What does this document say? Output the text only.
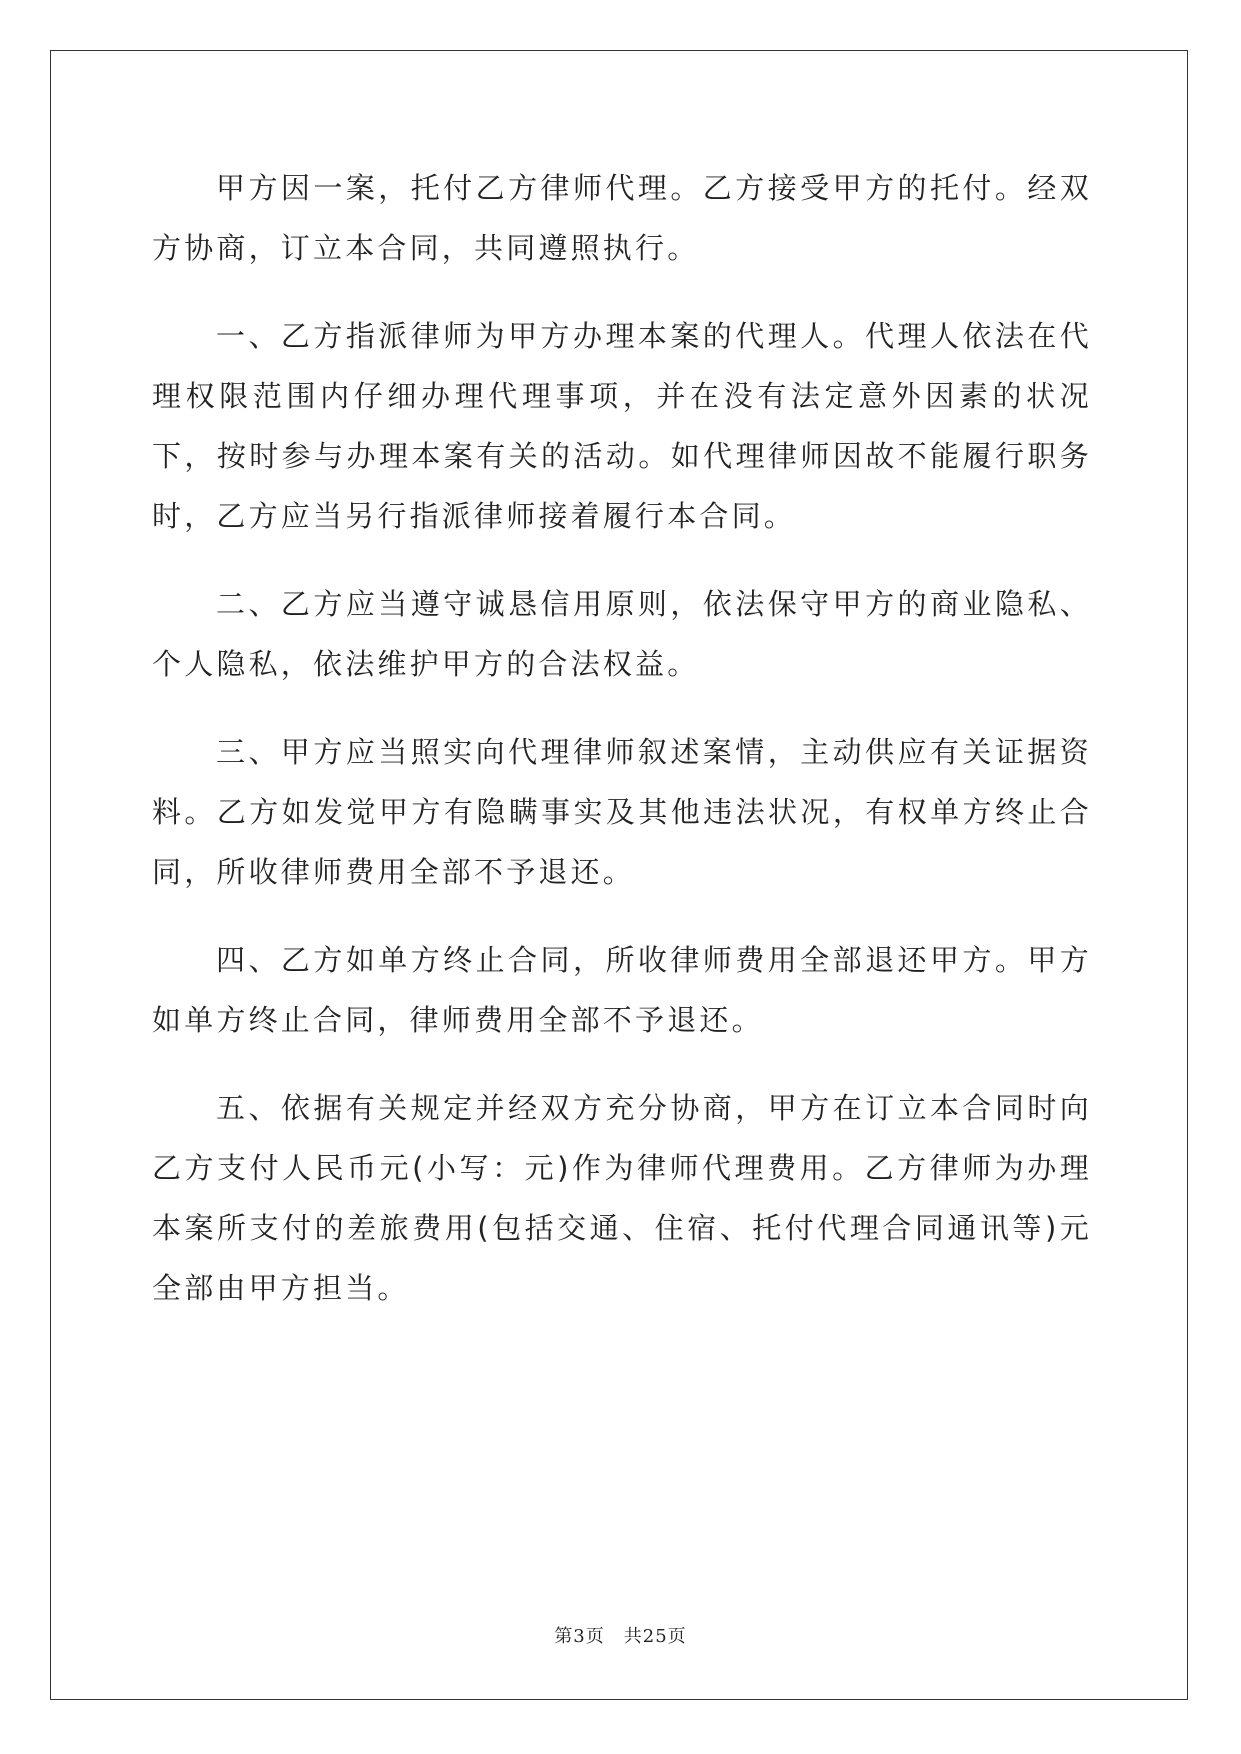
甲方因一案，托付乙方律师代理。乙方接受甲方的托付。经双方协商，订立本合同，共同遵照执行。

一、乙方指派律师为甲方办理本案的代理人。代理人依法在代理权限范围内仔细办理代理事项，并在没有法定意外因素的状况下，按时参与办理本案有关的活动。如代理律师因故不能履行职务时，乙方应当另行指派律师接着履行本合同。

二、乙方应当遵守诚恳信用原则，依法保守甲方的商业隐私、个人隐私，依法维护甲方的合法权益。

三、甲方应当照实向代理律师叙述案情，主动供应有关证据资料。乙方如发觉甲方有隐瞒事实及其他违法状况，有权单方终止合同，所收律师费用全部不予退还。

四、乙方如单方终止合同，所收律师费用全部退还甲方。甲方如单方终止合同，律师费用全部不予退还。

五、依据有关规定并经双方充分协商，甲方在订立本合同时向乙方支付人民币元(小写：元)作为律师代理费用。乙方律师为办理本案所支付的差旅费用(包括交通、住宿、托付代理合同通讯等)元全部由甲方担当。

第3页　共25页
